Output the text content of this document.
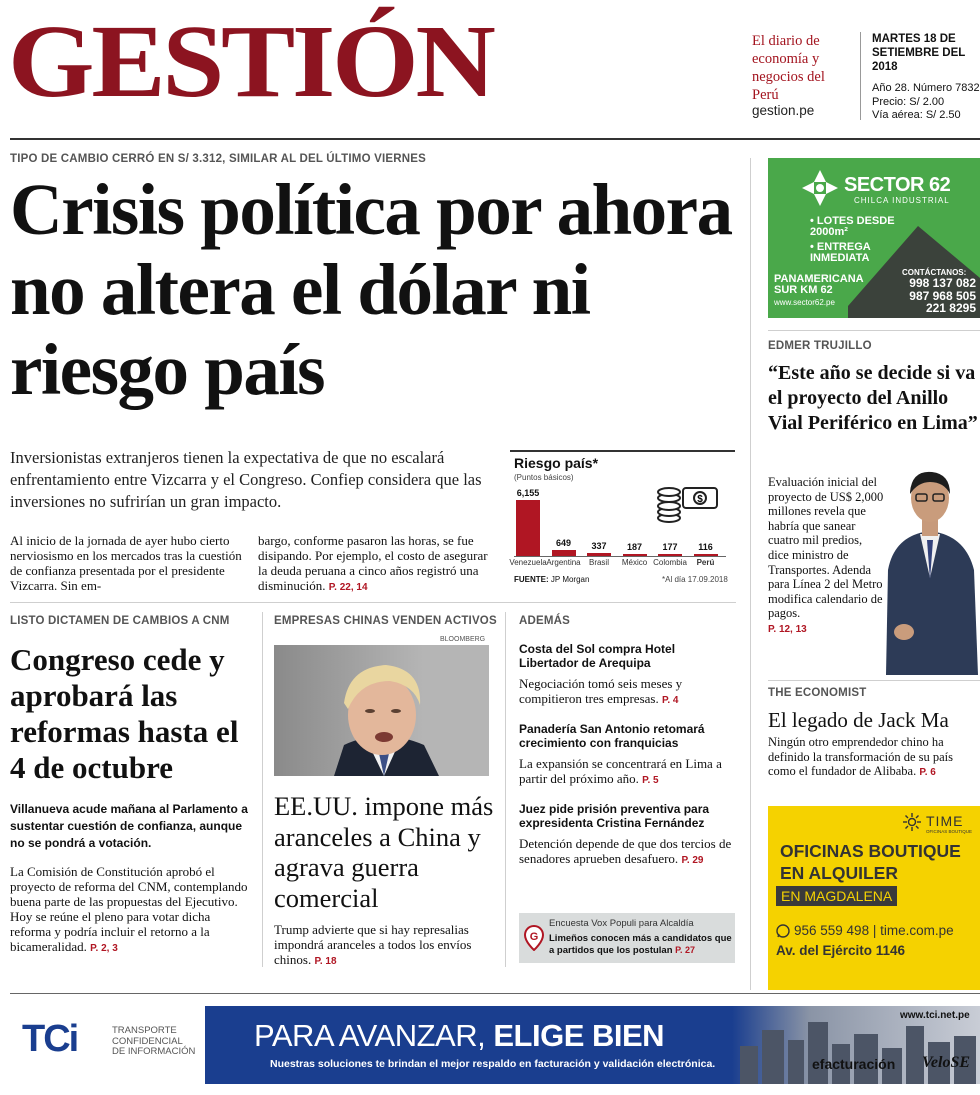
GESTIÓN	El diario de economía y negocios del Perú
gestion.pe
MARTES 18 DE SETIEMBRE DEL 2018
Año 28. Número 7832
Precio: S/ 2.00
Vía aérea: S/ 2.50
TIPO DE CAMBIO CERRÓ EN S/ 3.312, SIMILAR AL DEL ÚLTIMO VIERNES
Crisis política por ahora no altera el dólar ni riesgo país
Inversionistas extranjeros tienen la expectativa de que no escalará enfrentamiento entre Vizcarra y el Congreso. Confiep considera que las inversiones no sufrirían un gran impacto.
Al inicio de la jornada de ayer hubo cierto nerviosismo en los mercados tras la cuestión de confianza presentada por el presidente Vizcarra. Sin em-
bargo, conforme pasaron las horas, se fue disipando. Por ejemplo, el costo de asegurar la deuda peruana a cinco años registró una disminución. P. 22, 14
Riesgo país*
(Puntos básicos)
$
6,155
Venezuela
649
Argentina
337
Brasil
187
México
177
Colombia
116
Perú
FUENTE: JP Morgan	*Al día 17.09.2018
LISTO DICTAMEN DE CAMBIOS A CNM
Congreso cede y aprobará las reformas hasta el 4 de octubre
Villanueva acude mañana al Parlamento a sustentar cuestión de confianza, aunque no se pondrá a votación.
La Comisión de Constitución aprobó el proyecto de reforma del CNM, contemplando buena parte de las propuestas del Ejecutivo.
Hoy se reúne el pleno para votar dicha reforma y podría incluir el retorno a la bicameralidad. P. 2, 3
EMPRESAS CHINAS VENDEN ACTIVOS
BLOOMBERG
EE.UU. impone más aranceles a China y agrava guerra comercial
Trump advierte que si hay represalias impondrá aranceles a todos los envíos chinos. P. 18
ADEMÁS
Costa del Sol compra Hotel Libertador de Arequipa
Negociación tomó seis meses y compitieron tres empresas. P. 4
Panadería San Antonio retomará crecimiento con franquicias
La expansión se concentrará en Lima a partir del próximo año. P. 5
Juez pide prisión preventiva para expresidenta Cristina Fernández
Detención depende de que dos tercios de senadores aprueben desafuero. P. 29
G
Encuesta Vox Populi para Alcaldía
Limeños conocen más a candidatos que a partidos que los postulan P. 27
SECTOR 62
CHILCA INDUSTRIAL
• LOTES DESDE 2000m²
• ENTREGA INMEDIATA
PANAMERICANA SUR KM 62
www.sector62.pe
CONTÁCTANOS:
998 137 082
987 968 505
221 8295
EDMER TRUJILLO
“Este año se decide si va el proyecto del Anillo Vial Periférico en Lima”
Evaluación inicial del proyecto de US$ 2,000 millones revela que habría que sanear cuatro mil predios, dice ministro de Transportes. Adenda para Línea 2 del Metro modifica calendario de pagos.
P. 12, 13
THE ECONOMIST
El legado de Jack Ma
Ningún otro emprendedor chino ha definido la transformación de su país como el fundador de Alibaba. P. 6
TIME
OFICINAS BOUTIQUE
OFICINAS BOUTIQUE
EN ALQUILER
EN MAGDALENA
956 559 498 | time.com.pe
Av. del Ejército 1146
TCi	TRANSPORTE
CONFIDENCIAL
DE INFORMACIÓN PARA AVANZAR, ELIGE BIEN
Nuestras soluciones te brindan el mejor respaldo en facturación y validación electrónica.
www.tci.net.pe
efacturación VeloSE
